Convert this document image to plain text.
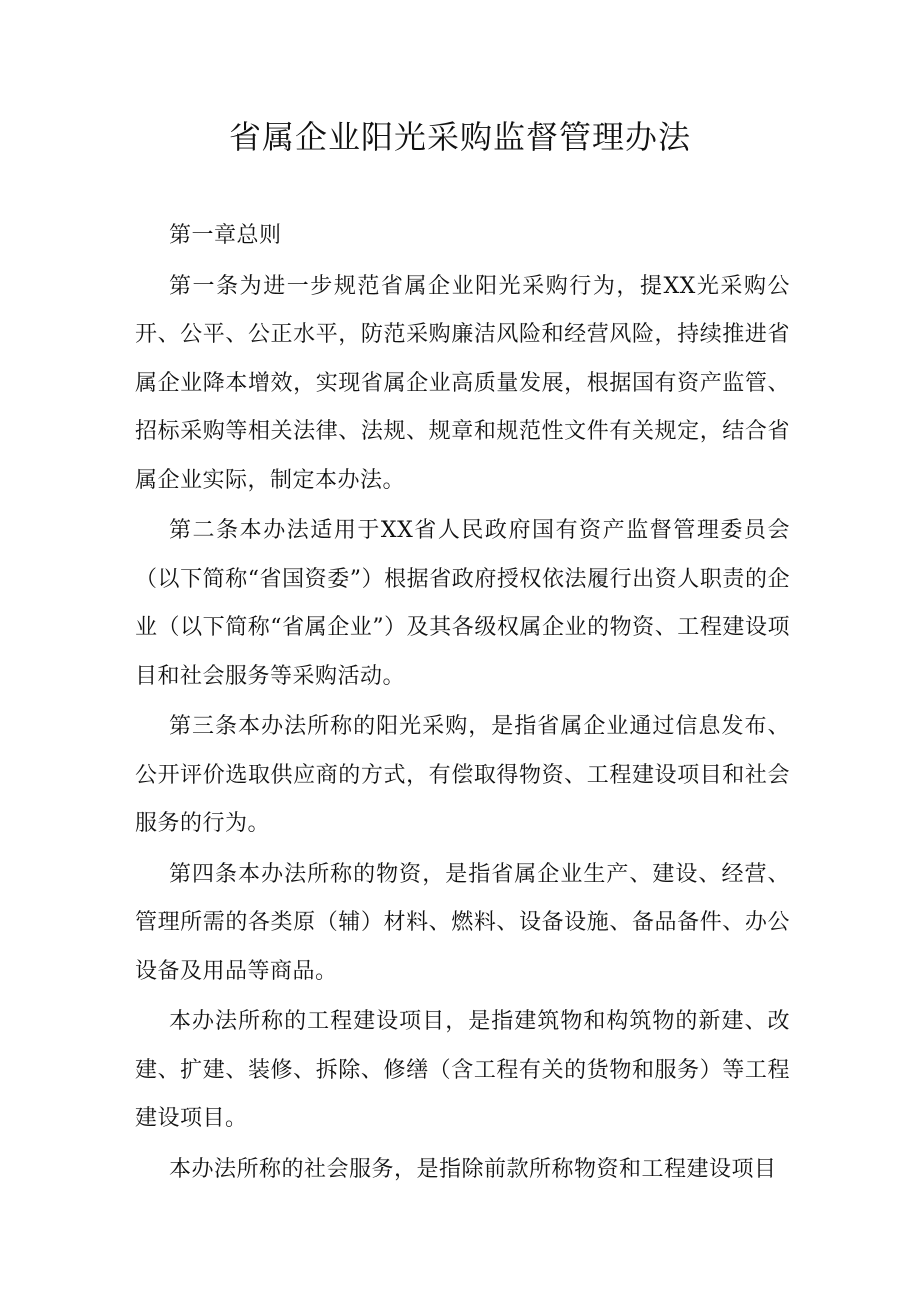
省属企业阳光采购监督管理办法

第一章总则

第一条为进一步规范省属企业阳光采购行为，提XX光采购公开、公平、公正水平，防范采购廉洁风险和经营风险，持续推进省属企业降本增效，实现省属企业高质量发展，根据国有资产监管、招标采购等相关法律、法规、规章和规范性文件有关规定，结合省属企业实际，制定本办法。

第二条本办法适用于XX省人民政府国有资产监督管理委员会（以下简称“省国资委”）根据省政府授权依法履行出资人职责的企业（以下简称“省属企业”）及其各级权属企业的物资、工程建设项目和社会服务等采购活动。

第三条本办法所称的阳光采购，是指省属企业通过信息发布、公开评价选取供应商的方式，有偿取得物资、工程建设项目和社会服务的行为。

第四条本办法所称的物资，是指省属企业生产、建设、经营、管理所需的各类原（辅）材料、燃料、设备设施、备品备件、办公设备及用品等商品。

本办法所称的工程建设项目，是指建筑物和构筑物的新建、改建、扩建、装修、拆除、修缮（含工程有关的货物和服务）等工程建设项目。

本办法所称的社会服务，是指除前款所称物资和工程建设项目
